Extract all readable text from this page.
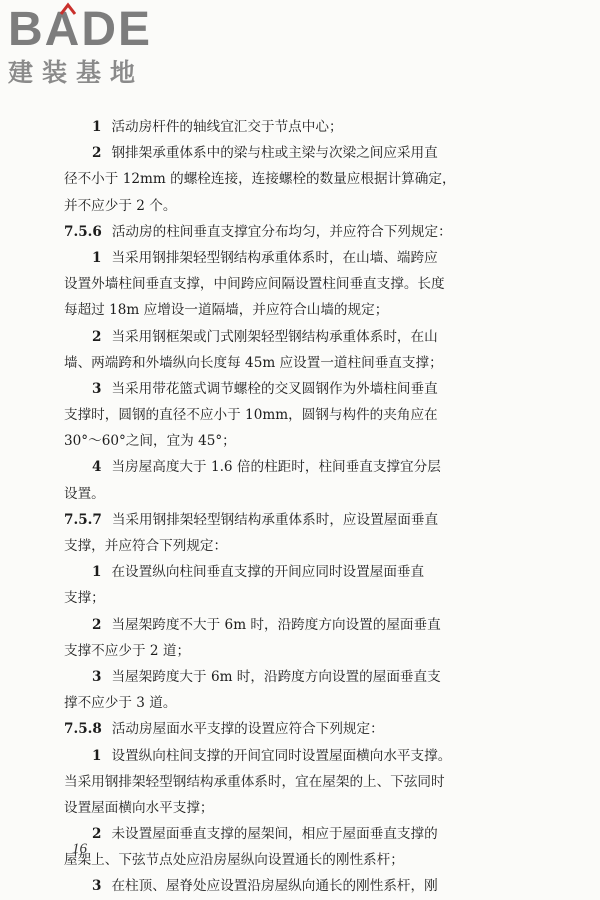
BADE
建装基地
1 活动房杆件的轴线宜汇交于节点中心；
2 钢排架承重体系中的梁与柱或主梁与次梁之间应采用直
径不小于 12mm 的螺栓连接，连接螺栓的数量应根据计算确定，
并不应少于 2 个。
7.5.6 活动房的柱间垂直支撑宜分布均匀，并应符合下列规定：
1 当采用钢排架轻型钢结构承重体系时，在山墙、端跨应
设置外墙柱间垂直支撑，中间跨应间隔设置柱间垂直支撑。长度
每超过 18m 应增设一道隔墙，并应符合山墙的规定；
2 当采用钢框架或门式刚架轻型钢结构承重体系时，在山
墙、两端跨和外墙纵向长度每 45m 应设置一道柱间垂直支撑；
3 当采用带花篮式调节螺栓的交叉圆钢作为外墙柱间垂直
支撑时，圆钢的直径不应小于 10mm，圆钢与构件的夹角应在
30°～60°之间，宜为 45°；
4 当房屋高度大于 1.6 倍的柱距时，柱间垂直支撑宜分层
设置。
7.5.7 当采用钢排架轻型钢结构承重体系时，应设置屋面垂直
支撑，并应符合下列规定：
1 在设置纵向柱间垂直支撑的开间应同时设置屋面垂直
支撑；
2 当屋架跨度不大于 6m 时，沿跨度方向设置的屋面垂直
支撑不应少于 2 道；
3 当屋架跨度大于 6m 时，沿跨度方向设置的屋面垂直支
撑不应少于 3 道。
7.5.8 活动房屋面水平支撑的设置应符合下列规定：
1 设置纵向柱间支撑的开间宜同时设置屋面横向水平支撑。
当采用钢排架轻型钢结构承重体系时，宜在屋架的上、下弦同时
设置屋面横向水平支撑；
2 未设置屋面垂直支撑的屋架间，相应于屋面垂直支撑的
屋架上、下弦节点处应沿房屋纵向设置通长的刚性系杆；
3 在柱顶、屋脊处应设置沿房屋纵向通长的刚性系杆，刚
16
